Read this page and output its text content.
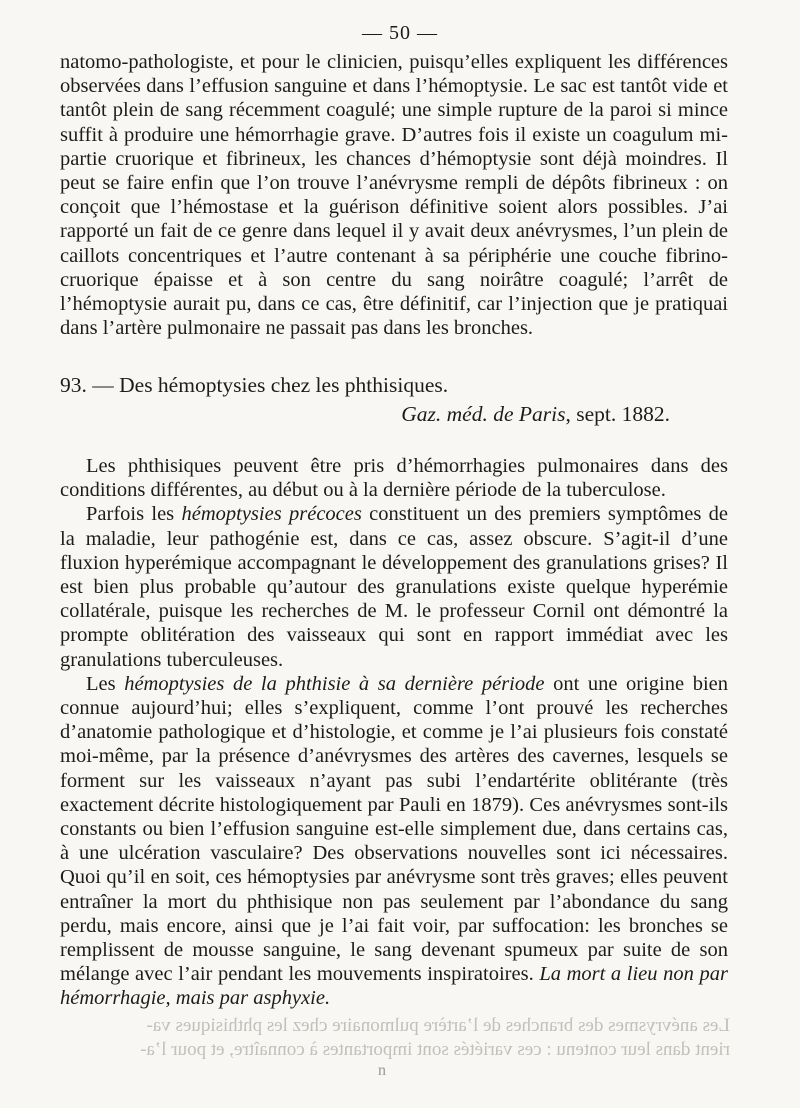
— 50 —

natomo-pathologiste, et pour le clinicien, puisqu’elles expliquent les différences observées dans l’effusion sanguine et dans l’hémoptysie. Le sac est tantôt vide et tantôt plein de sang récemment coagulé; une simple rupture de la paroi si mince suffit à produire une hémorrhagie grave. D’autres fois il existe un coagulum mi-partie cruorique et fibrineux, les chances d’hémoptysie sont déjà moindres. Il peut se faire enfin que l’on trouve l’anévrysme rempli de dépôts fibrineux : on conçoit que l’hémostase et la guérison définitive soient alors possibles. J’ai rapporté un fait de ce genre dans lequel il y avait deux anévrysmes, l’un plein de caillots concentriques et l’autre contenant à sa périphérie une couche fibrino-cruorique épaisse et à son centre du sang noirâtre coagulé; l’arrêt de l’hémoptysie aurait pu, dans ce cas, être définitif, car l’injection que je pratiquai dans l’artère pulmonaire ne passait pas dans les bronches.

93. — Des hémoptysies chez les phthisiques.
Gaz. méd. de Paris, sept. 1882.

Les phthisiques peuvent être pris d’hémorrhagies pulmonaires dans des conditions différentes, au début ou à la dernière période de la tuberculose.

Parfois les hémoptysies précoces constituent un des premiers symptômes de la maladie, leur pathogénie est, dans ce cas, assez obscure. S’agit-il d’une fluxion hyperémique accompagnant le développement des granulations grises? Il est bien plus probable qu’autour des granulations existe quelque hyperémie collatérale, puisque les recherches de M. le professeur Cornil ont démontré la prompte oblitération des vaisseaux qui sont en rapport immédiat avec les granulations tuberculeuses.

Les hémoptysies de la phthisie à sa dernière période ont une origine bien connue aujourd’hui; elles s’expliquent, comme l’ont prouvé les recherches d’anatomie pathologique et d’histologie, et comme je l’ai plusieurs fois constaté moi-même, par la présence d’anévrysmes des artères des cavernes, lesquels se forment sur les vaisseaux n’ayant pas subi l’endartérite oblitérante (très exactement décrite histologiquement par Pauli en 1879). Ces anévrysmes sont-ils constants ou bien l’effusion sanguine est-elle simplement due, dans certains cas, à une ulcération vasculaire? Des observations nouvelles sont ici nécessaires. Quoi qu’il en soit, ces hémoptysies par anévrysme sont très graves; elles peuvent entraîner la mort du phthisique non pas seulement par l’abondance du sang perdu, mais encore, ainsi que je l’ai fait voir, par suffocation: les bronches se remplissent de mousse sanguine, le sang devenant spumeux par suite de son mélange avec l’air pendant les mouvements inspiratoires. La mort a lieu non par hémorrhagie, mais par asphyxie.

Les anévrysmes des branches de l’artère pulmonaire chez les phthisiques va-
rient dans leur contenu : ces variétés sont importantes à connaître, et pour l’a-
n
